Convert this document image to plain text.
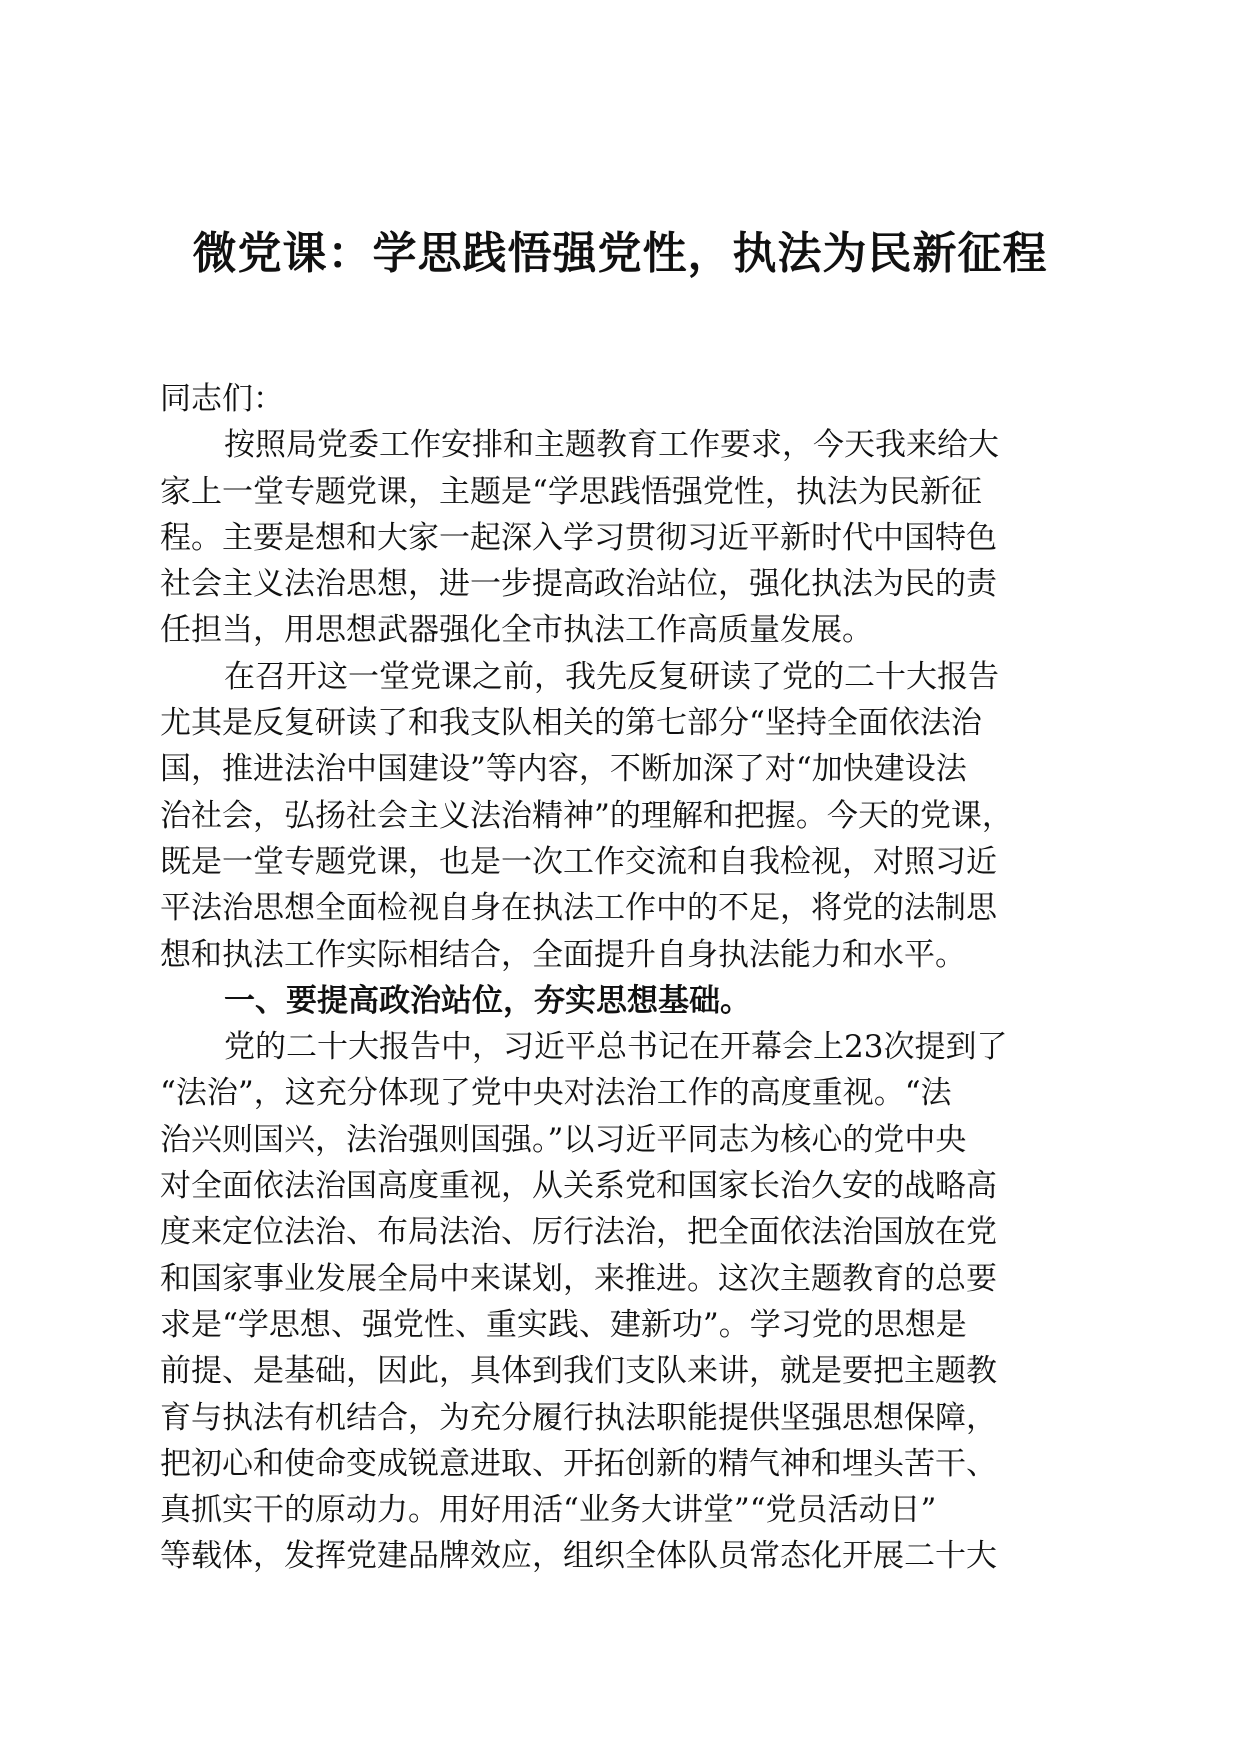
微党课：学思践悟强党性，执法为民新征程
同志们：
按照局党委工作安排和主题教育工作要求，今天我来给大
家上一堂专题党课，主题是“学思践悟强党性，执法为民新征
程。主要是想和大家一起深入学习贯彻习近平新时代中国特色
社会主义法治思想，进一步提高政治站位，强化执法为民的责
任担当，用思想武器强化全市执法工作高质量发展。
在召开这一堂党课之前，我先反复研读了党的二十大报告
尤其是反复研读了和我支队相关的第七部分“坚持全面依法治
国，推进法治中国建设”等内容，不断加深了对“加快建设法
治社会，弘扬社会主义法治精神”的理解和把握。今天的党课，
既是一堂专题党课，也是一次工作交流和自我检视，对照习近
平法治思想全面检视自身在执法工作中的不足，将党的法制思
想和执法工作实际相结合，全面提升自身执法能力和水平。
一、要提高政治站位，夯实思想基础。
党的二十大报告中，习近平总书记在开幕会上23次提到了
“法治”，这充分体现了党中央对法治工作的高度重视。“法
治兴则国兴，法治强则国强。”以习近平同志为核心的党中央
对全面依法治国高度重视，从关系党和国家长治久安的战略高
度来定位法治、布局法治、厉行法治，把全面依法治国放在党
和国家事业发展全局中来谋划，来推进。这次主题教育的总要
求是“学思想、强党性、重实践、建新功”。学习党的思想是
前提、是基础，因此，具体到我们支队来讲，就是要把主题教
育与执法有机结合，为充分履行执法职能提供坚强思想保障，
把初心和使命变成锐意进取、开拓创新的精气神和埋头苦干、
真抓实干的原动力。用好用活“业务大讲堂”“党员活动日”
等载体，发挥党建品牌效应，组织全体队员常态化开展二十大
